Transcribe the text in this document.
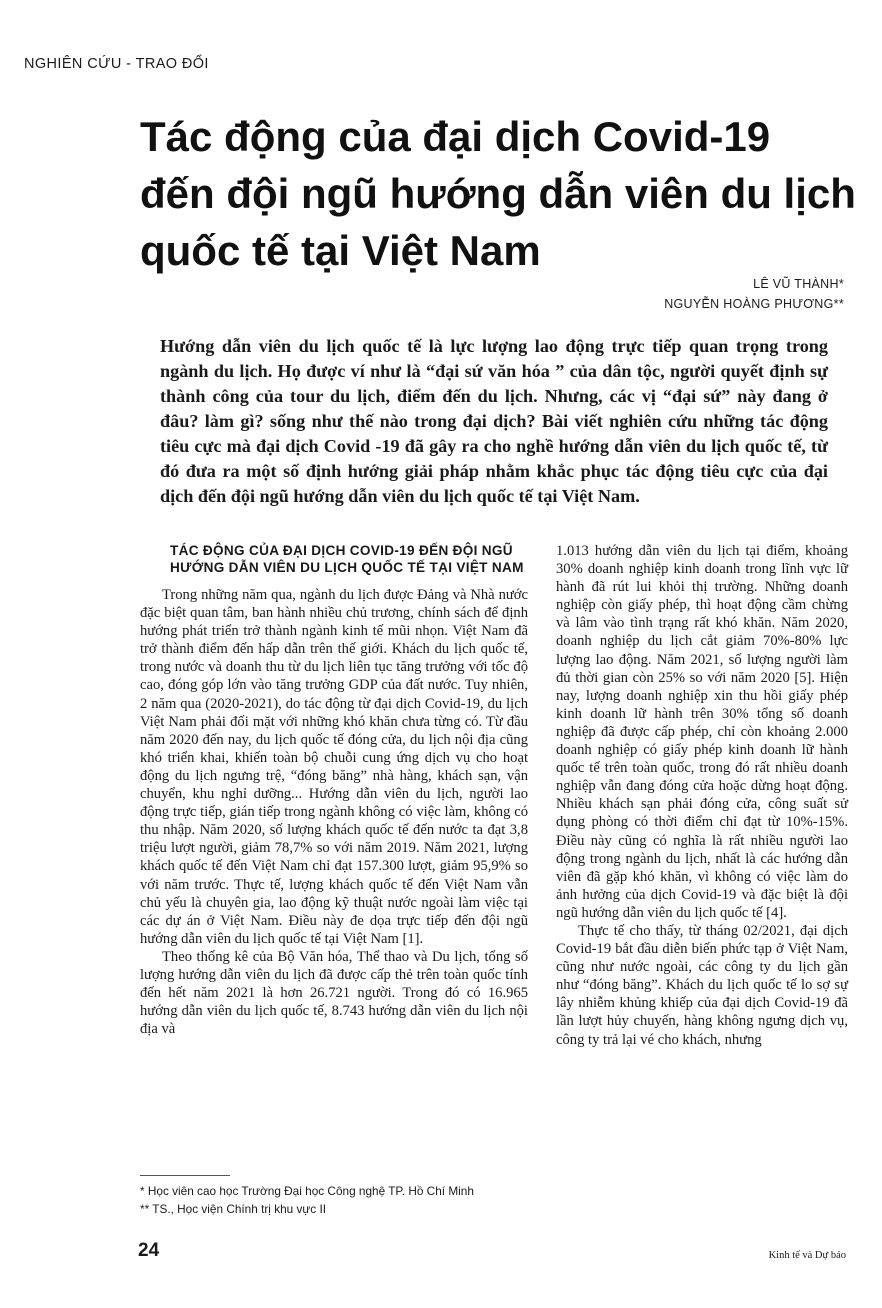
NGHIÊN CỨU - TRAO ĐỔI
Tác động của đại dịch Covid-19
đến đội ngũ hướng dẫn viên du lịch
quốc tế tại Việt Nam
LÊ VŨ THÀNH*
NGUYỄN HOÀNG PHƯƠNG**
Hướng dẫn viên du lịch quốc tế là lực lượng lao động trực tiếp quan trọng trong ngành du lịch. Họ được ví như là “đại sứ văn hóa ” của dân tộc, người quyết định sự thành công của tour du lịch, điểm đến du lịch. Nhưng, các vị “đại sứ” này đang ở đâu? làm gì? sống như thế nào trong đại dịch? Bài viết nghiên cứu những tác động tiêu cực mà đại dịch Covid -19 đã gây ra cho nghề hướng dẫn viên du lịch quốc tế, từ đó đưa ra một số định hướng giải pháp nhằm khắc phục tác động tiêu cực của đại dịch đến đội ngũ hướng dẫn viên du lịch quốc tế tại Việt Nam.
TÁC ĐỘNG CỦA ĐẠI DỊCH COVID-19 ĐẾN ĐỘI NGŨ HƯỚNG DẪN VIÊN DU LỊCH QUỐC TẾ TẠI VIỆT NAM

Trong những năm qua, ngành du lịch được Đảng và Nhà nước đặc biệt quan tâm, ban hành nhiều chủ trương, chính sách để định hướng phát triển trở thành ngành kinh tế mũi nhọn. Việt Nam đã trở thành điểm đến hấp dẫn trên thế giới. Khách du lịch quốc tế, trong nước và doanh thu từ du lịch liên tục tăng trưởng với tốc độ cao, đóng góp lớn vào tăng trưởng GDP của đất nước. Tuy nhiên, 2 năm qua (2020-2021), do tác động từ đại dịch Covid-19, du lịch Việt Nam phải đối mặt với những khó khăn chưa từng có. Từ đầu năm 2020 đến nay, du lịch quốc tế đóng cửa, du lịch nội địa cũng khó triển khai, khiến toàn bộ chuỗi cung ứng dịch vụ cho hoạt động du lịch ngưng trệ, “đóng băng” nhà hàng, khách sạn, vận chuyển, khu nghỉ dưỡng... Hướng dẫn viên du lịch, người lao động trực tiếp, gián tiếp trong ngành không có việc làm, không có thu nhập. Năm 2020, số lượng khách quốc tế đến nước ta đạt 3,8 triệu lượt người, giảm 78,7% so với năm 2019. Năm 2021, lượng khách quốc tế đến Việt Nam chỉ đạt 157.300 lượt, giảm 95,9% so với năm trước. Thực tế, lượng khách quốc tế đến Việt Nam vẫn chủ yếu là chuyên gia, lao động kỹ thuật nước ngoài làm việc tại các dự án ở Việt Nam. Điều này đe dọa trực tiếp đến đội ngũ hướng dẫn viên du lịch quốc tế tại Việt Nam [1].

Theo thống kê của Bộ Văn hóa, Thể thao và Du lịch, tổng số lượng hướng dẫn viên du lịch đã được cấp thẻ trên toàn quốc tính đến hết năm 2021 là hơn 26.721 người. Trong đó có 16.965 hướng dẫn viên du lịch quốc tế, 8.743 hướng dẫn viên du lịch nội địa và

1.013 hướng dẫn viên du lịch tại điểm, khoảng 30% doanh nghiệp kinh doanh trong lĩnh vực lữ hành đã rút lui khỏi thị trường. Những doanh nghiệp còn giấy phép, thì hoạt động cầm chừng và lâm vào tình trạng rất khó khăn. Năm 2020, doanh nghiệp du lịch cắt giảm 70%-80% lực lượng lao động. Năm 2021, số lượng người làm đủ thời gian còn 25% so với năm 2020 [5]. Hiện nay, lượng doanh nghiệp xin thu hồi giấy phép kinh doanh lữ hành trên 30% tổng số doanh nghiệp đã được cấp phép, chỉ còn khoảng 2.000 doanh nghiệp có giấy phép kinh doanh lữ hành quốc tế trên toàn quốc, trong đó rất nhiều doanh nghiệp vẫn đang đóng cửa hoặc dừng hoạt động. Nhiều khách sạn phải đóng cửa, công suất sử dụng phòng có thời điểm chỉ đạt từ 10%-15%. Điều này cũng có nghĩa là rất nhiều người lao động trong ngành du lịch, nhất là các hướng dẫn viên đã gặp khó khăn, vì không có việc làm do ảnh hưởng của dịch Covid-19 và đặc biệt là đội ngũ hướng dẫn viên du lịch quốc tế [4].

Thực tế cho thấy, từ tháng 02/2021, đại dịch Covid-19 bắt đầu diễn biến phức tạp ở Việt Nam, cũng như nước ngoài, các công ty du lịch gần như “đóng băng”. Khách du lịch quốc tế lo sợ sự lây nhiễm khủng khiếp của đại dịch Covid-19 đã lần lượt hủy chuyến, hàng không ngưng dịch vụ, công ty trả lại vé cho khách, nhưng

* Học viên cao học Trường Đại học Công nghệ TP. Hồ Chí Minh
** TS., Học viện Chính trị khu vực II
24	Kinh tế và Dự báo
